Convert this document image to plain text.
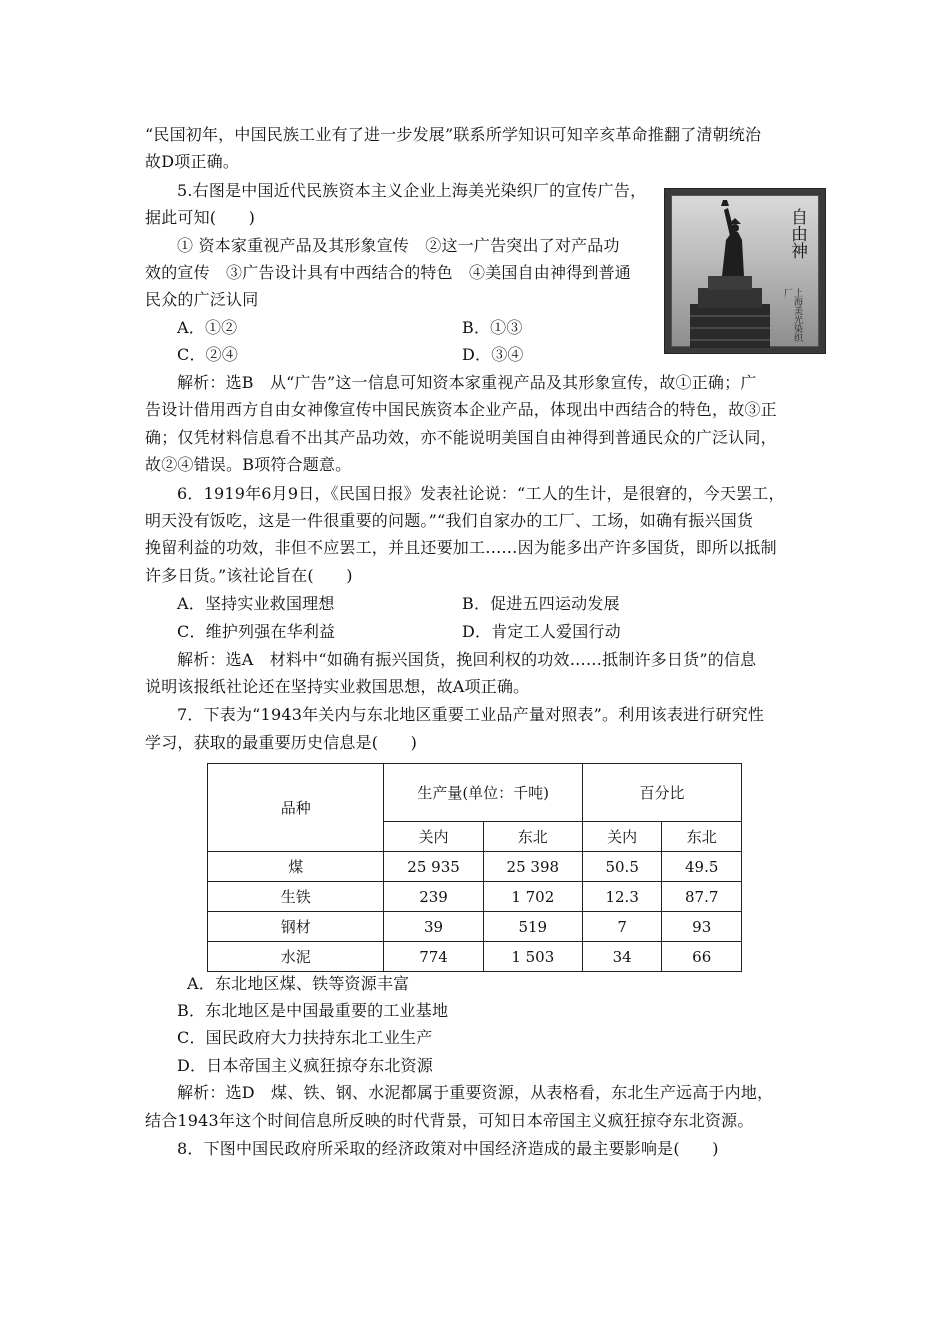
“民国初年，中国民族工业有了进一步发展”联系所学知识可知辛亥革命推翻了清朝统治
故D项正确。
5.右图是中国近代民族资本主义企业上海美光染织厂的宣传广告，
据此可知(　　)
① 资本家重视产品及其形象宣传　②这一广告突出了对产品功
效的宣传　③广告设计具有中西结合的特色　④美国自由神得到普通
民众的广泛认同
A．①②	B．①③
C．②④	D．③④
自由神
上海美光染织厂
解析：选B　从“广告”这一信息可知资本家重视产品及其形象宣传，故①正确；广
告设计借用西方自由女神像宣传中国民族资本企业产品，体现出中西结合的特色，故③正
确；仅凭材料信息看不出其产品功效，亦不能说明美国自由神得到普通民众的广泛认同，
故②④错误。B项符合题意。
6．1919年6月9日，《民国日报》发表社论说：“工人的生计，是很窘的，今天罢工，
明天没有饭吃，这是一件很重要的问题。”“我们自家办的工厂、工场，如确有振兴国货
挽留利益的功效，非但不应罢工，并且还要加工……因为能多出产许多国货，即所以抵制
许多日货。”该社论旨在(　　)
A．坚持实业救国理想	B．促进五四运动发展
C．维护列强在华利益	D．肯定工人爱国行动
解析：选A　材料中“如确有振兴国货，挽回利权的功效……抵制许多日货”的信息
说明该报纸社论还在坚持实业救国思想，故A项正确。
7．下表为“1943年关内与东北地区重要工业品产量对照表”。利用该表进行研究性
学习，获取的最重要历史信息是(　　)
品种	生产量(单位：千吨)		百分比	
	关内	东北	关内	东北
煤	25 935	25 398	50.5	49.5
生铁	239	1 702	12.3	87.7
钢材	39	519	7	93
水泥	774	1 503	34	66
A．东北地区煤、铁等资源丰富
B．东北地区是中国最重要的工业基地
C．国民政府大力扶持东北工业生产
D．日本帝国主义疯狂掠夺东北资源
解析：选D　煤、铁、钢、水泥都属于重要资源，从表格看，东北生产远高于内地，
结合1943年这个时间信息所反映的时代背景，可知日本帝国主义疯狂掠夺东北资源。
8．下图中国民政府所采取的经济政策对中国经济造成的最主要影响是(　　)
